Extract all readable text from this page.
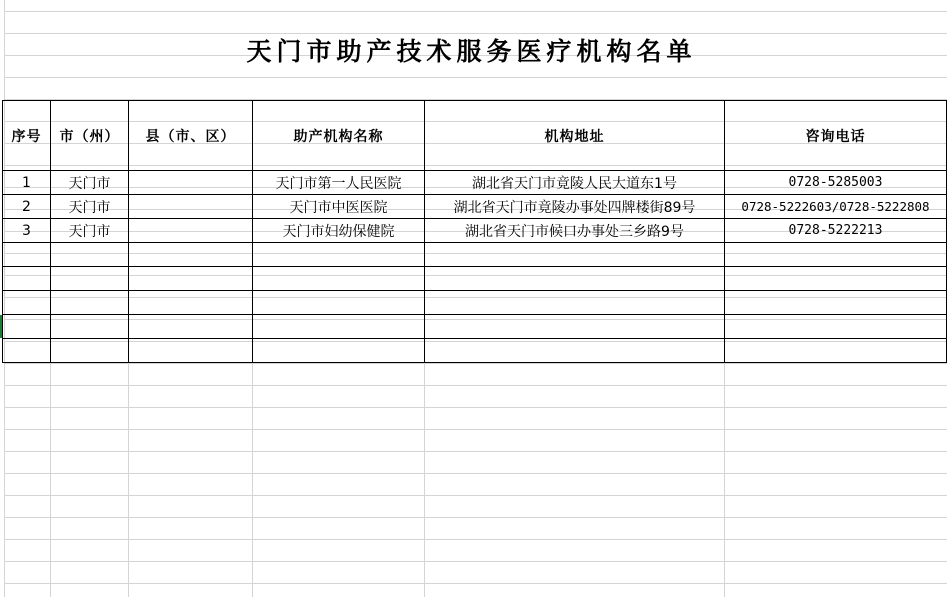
天门市助产技术服务医疗机构名单
序号	市（州）	县（市、区）	助产机构名称	机构地址	咨询电话
1	天门市		天门市第一人民医院	湖北省天门市竟陵人民大道东1号	0728-5285003
2	天门市		天门市中医医院	湖北省天门市竟陵办事处四牌楼街89号	0728-5222603/0728-5222808
3	天门市		天门市妇幼保健院	湖北省天门市候口办事处三乡路9号	0728-5222213
